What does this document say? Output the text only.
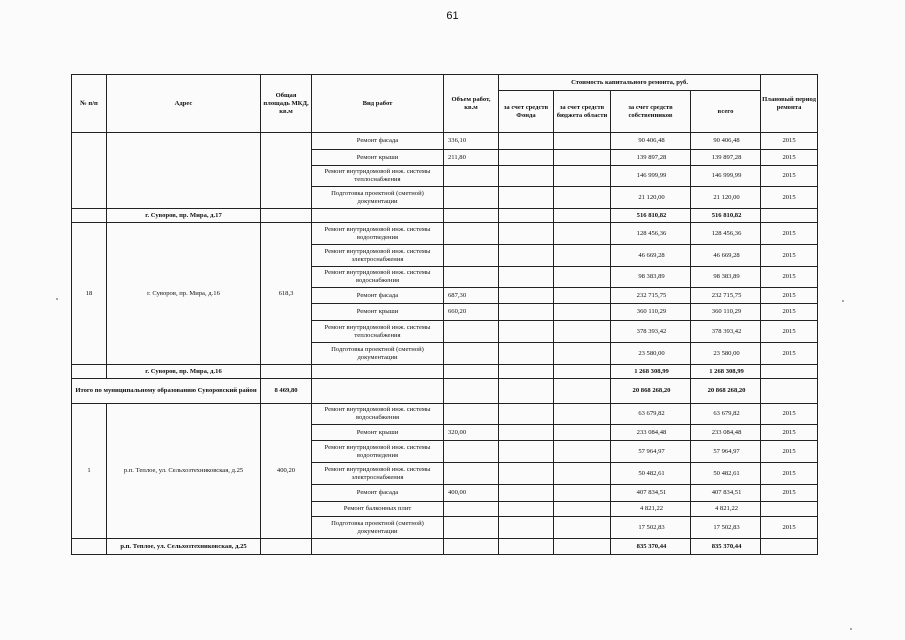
61
№ п/п	Адрес	Общая площадь МКД, кв.м	Вид работ	Объем работ, кв.м	Стоимость капитального ремонта, руб.				Плановый период ремонта
					за счет средств Фонда	за счет средств бюджета области	за счет средств собственников	всего	
			Ремонт фасада	336,10			90 406,48	90 406,48	2015
			Ремонт крыши	211,80			139 897,28	139 897,28	2015
			Ремонт внутридомовой инж. системы теплоснабжения				146 999,99	146 999,99	2015
			Подготовка проектной (сметной) документации				21 120,00	21 120,00	2015
	г. Суворов, пр. Мира, д.17						516 810,82	516 810,82	
18	г. Суворов, пр. Мира, д.16	618,3	Ремонт внутридомовой инж. системы водоотведения				128 456,36	128 456,36	2015
			Ремонт внутридомовой инж. системы электроснабжения				46 669,28	46 669,28	2015
			Ремонт внутридомовой инж. системы водоснабжения				98 383,89	98 383,89	2015
			Ремонт фасада	687,30			232 715,75	232 715,75	2015
			Ремонт крыши	660,20			360 110,29	360 110,29	2015
			Ремонт внутридомовой инж. системы теплоснабжения				378 393,42	378 393,42	2015
			Подготовка проектной (сметной) документации				23 580,00	23 580,00	2015
	г. Суворов, пр. Мира, д.16						1 268 308,99	1 268 308,99	
Итого по муниципальному образованию Суворовский район		8 469,80					20 868 268,20	20 868 268,20	
1	р.п. Теплое, ул. Сельхозтехниковская, д.25	400,20	Ремонт внутридомовой инж. системы водоснабжения				63 679,82	63 679,82	2015
			Ремонт крыши	320,00			233 084,48	233 084,48	2015
			Ремонт внутридомовой инж. системы водоотведения				57 964,97	57 964,97	2015
			Ремонт внутридомовой инж. системы электроснабжения				50 482,61	50 482,61	2015
			Ремонт фасада	400,00			407 834,51	407 834,51	2015
			Ремонт балконных плит				4 821,22	4 821,22	
			Подготовка проектной (сметной) документации				17 502,83	17 502,83	2015
	р.п. Теплое, ул. Сельхозтехниковская, д.25						835 370,44	835 370,44	
